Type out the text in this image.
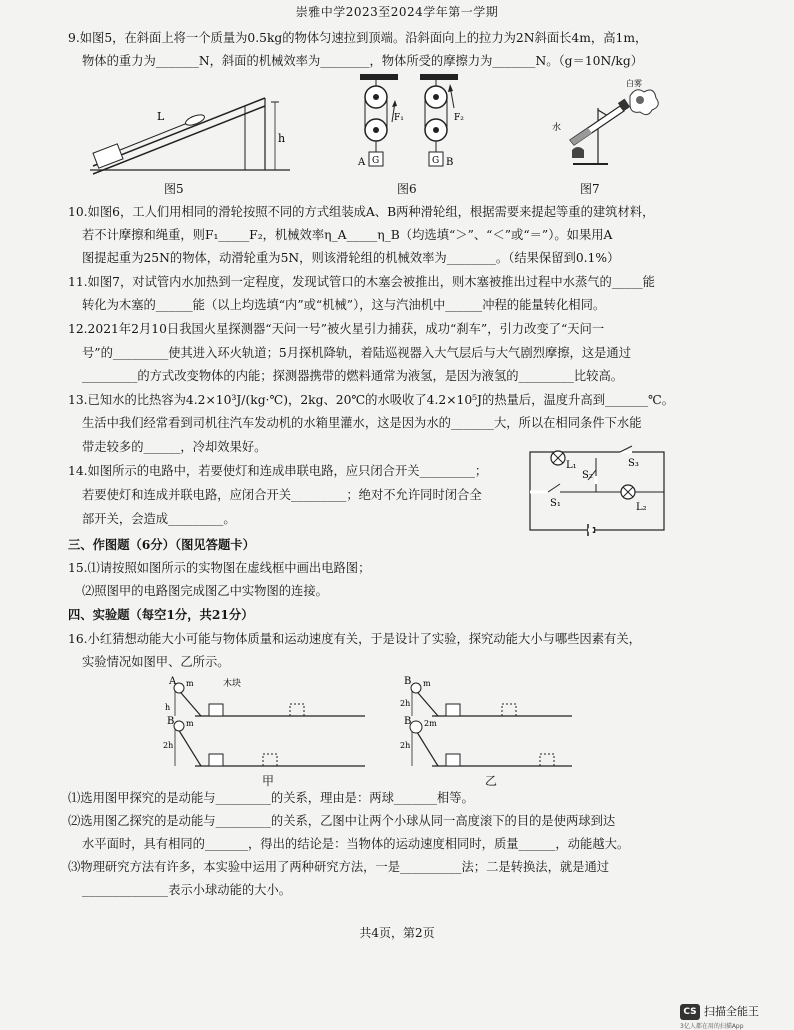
崇雅中学2023至2024学年第一学期
9.如图5，在斜面上将一个质量为0.5kg的物体匀速拉到顶端。沿斜面向上的拉力为2N斜面长4m，高1m，
物体的重力为_______N，斜面的机械效率为________，物体所受的摩擦力为_______N。（g＝10N/kg）
L
h
图5
G	G
F₁	F₂
A	B
图6
白雾
水
图7
10.如图6，工人们用相同的滑轮按照不同的方式组装成A、B两种滑轮组，根据需要来提起等重的建筑材料，
若不计摩擦和绳重，则F₁_____F₂，机械效率η_A_____η_B（均选填“＞”、“＜”或“＝”）。如果用A
图提起重为25N的物体，动滑轮重为5N，则该滑轮组的机械效率为________。（结果保留到0.1%）
11.如图7，对试管内水加热到一定程度，发现试管口的木塞会被推出，则木塞被推出过程中水蒸气的_____能
转化为木塞的______能（以上均选填“内”或“机械”），这与汽油机中______冲程的能量转化相同。
12.2021年2月10日我国火星探测器“天问一号”被火星引力捕获，成功“刹车”，引力改变了“天问一
号”的_________使其进入环火轨道；5月探机降轨，着陆巡视器入大气层后与大气剧烈摩擦，这是通过
_________的方式改变物体的内能；探测器携带的燃料通常为液氢，是因为液氢的_________比较高。
13.已知水的比热容为4.2×10³J/(kg·℃)，2kg、20℃的水吸收了4.2×10⁵J的热量后，温度升高到_______℃。
生活中我们经常看到司机往汽车发动机的水箱里灌水，这是因为水的_______大，所以在相同条件下水能
带走较多的______，冷却效果好。
14.如图所示的电路中，若要使灯和连成串联电路，应只闭合开关_________；
若要使灯和连成并联电路，应闭合开关_________；绝对不允许同时闭合全
部开关，会造成_________。
L₁
L₂
S₁
S₂
S₃
三、作图题（6分）（图见答题卡）
15.⑴请按照如图所示的实物图在虚线框中画出电路图；
⑵照图甲的电路图完成图乙中实物图的连接。
四、实验题（每空1分，共21分）
16.小红猜想动能大小可能与物体质量和运动速度有关，于是设计了实验，探究动能大小与哪些因素有关，
实验情况如图甲、乙所示。
A m	木块
h
B m
2h
甲
B m
2h
B 2m
2h
乙
⑴选用图甲探究的是动能与_________的关系，理由是：两球_______相等。
⑵选用图乙探究的是动能与_________的关系，乙图中让两个小球从同一高度滚下的目的是使两球到达
水平面时，具有相同的_______，得出的结论是：当物体的运动速度相同时，质量______，动能越大。
⑶物理研究方法有许多，本实验中运用了两种研究方法，一是__________法；二是转换法，就是通过
______________表示小球动能的大小。
共4页，第2页
CS 扫描全能王
3亿人都在用的扫描App
